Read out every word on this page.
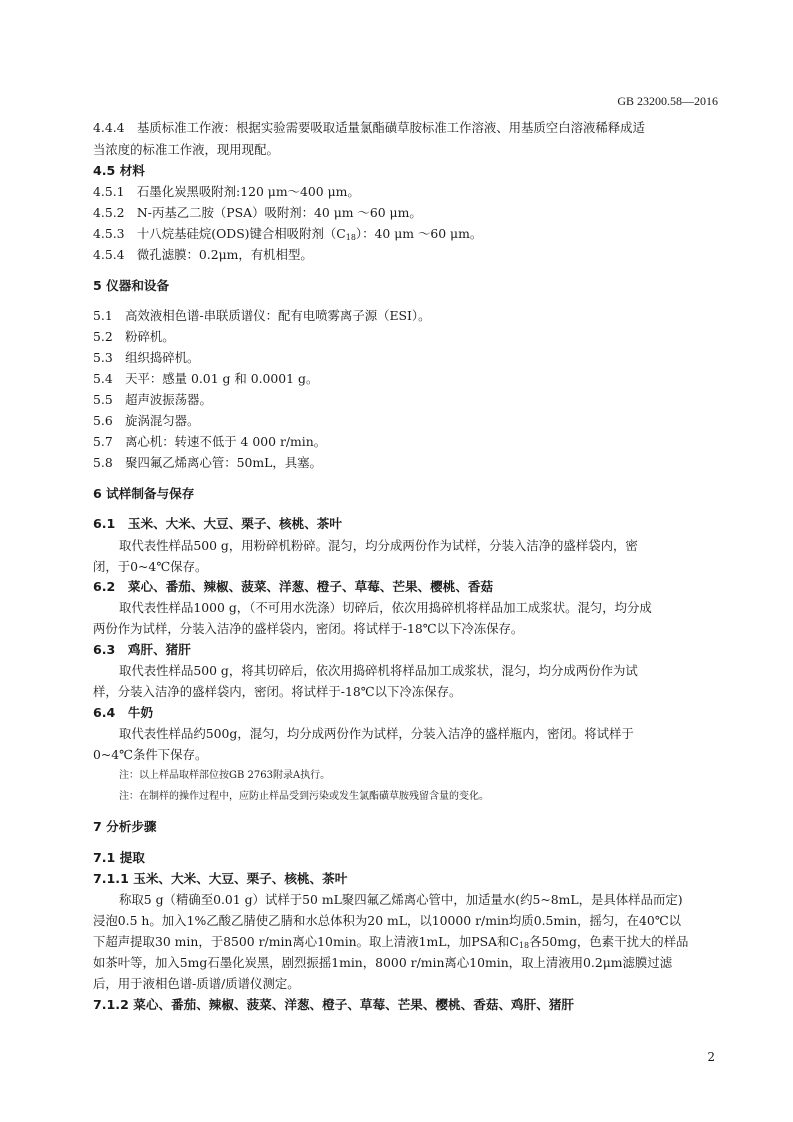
GB 23200.58—2016
4.4.4  基质标准工作液：根据实验需要吸取适量氯酯磺草胺标准工作溶液、用基质空白溶液稀释成适
当浓度的标准工作液，现用现配。
4.5 材料
4.5.1  石墨化炭黑吸附剂:120 μm～400 μm。
4.5.2  N-丙基乙二胺（PSA）吸附剂：40 μm ～60 μm。
4.5.3  十八烷基硅烷(ODS)键合相吸附剂$(C_{18})$：40 μm ～60 μm。
4.5.4  微孔滤膜：0.2μm，有机相型。
5 仪器和设备
5.1  高效液相色谱-串联质谱仪：配有电喷雾离子源（ESI）。
5.2  粉碎机。
5.3  组织捣碎机。
5.4  天平：感量 0.01 g 和 0.0001 g。
5.5  超声波振荡器。
5.6  旋涡混匀器。
5.7  离心机：转速不低于 4 000 r/min。
5.8  聚四氟乙烯离心管：50mL，具塞。
6 试样制备与保存
6.1  玉米、大米、大豆、栗子、核桃、茶叶
取代表性样品500 g，用粉碎机粉碎。混匀，均分成两份作为试样，分装入洁净的盛样袋内，密
闭，于0~4℃保存。
6.2  菜心、番茄、辣椒、菠菜、洋葱、橙子、草莓、芒果、樱桃、香菇
取代表性样品1000 g，（不可用水洗涤）切碎后，依次用捣碎机将样品加工成浆状。混匀，均分成
两份作为试样，分装入洁净的盛样袋内，密闭。将试样于-18℃以下冷冻保存。
6.3  鸡肝、猪肝
取代表性样品500 g，将其切碎后，依次用捣碎机将样品加工成浆状，混匀，均分成两份作为试
样，分装入洁净的盛样袋内，密闭。将试样于-18℃以下冷冻保存。
6.4  牛奶
取代表性样品约500g，混匀，均分成两份作为试样，分装入洁净的盛样瓶内，密闭。将试样于
0~4℃条件下保存。
注：以上样品取样部位按GB 2763附录A执行。
注：在制样的操作过程中，应防止样品受到污染或发生氯酯磺草胺残留含量的变化。
7 分析步骤
7.1 提取
7.1.1 玉米、大米、大豆、栗子、核桃、茶叶
称取5 g（精确至0.01 g）试样于50 mL聚四氟乙烯离心管中，加适量水(约5~8mL，是具体样品而定)
浸泡0.5 h。加入1%乙酸乙腈使乙腈和水总体积为20 mL，以10000 r/min均质0.5min，摇匀，在40℃以
下超声提取30 min，于8500 r/min离心10min。取上清液1mL，加PSA和$C_{18}$各50mg，色素干扰大的样品
如茶叶等，加入5mg石墨化炭黑，剧烈振摇1min，8000 r/min离心10min，取上清液用0.2μm滤膜过滤
后，用于液相色谱-质谱/质谱仪测定。
7.1.2 菜心、番茄、辣椒、菠菜、洋葱、橙子、草莓、芒果、樱桃、香菇、鸡肝、猪肝
2
